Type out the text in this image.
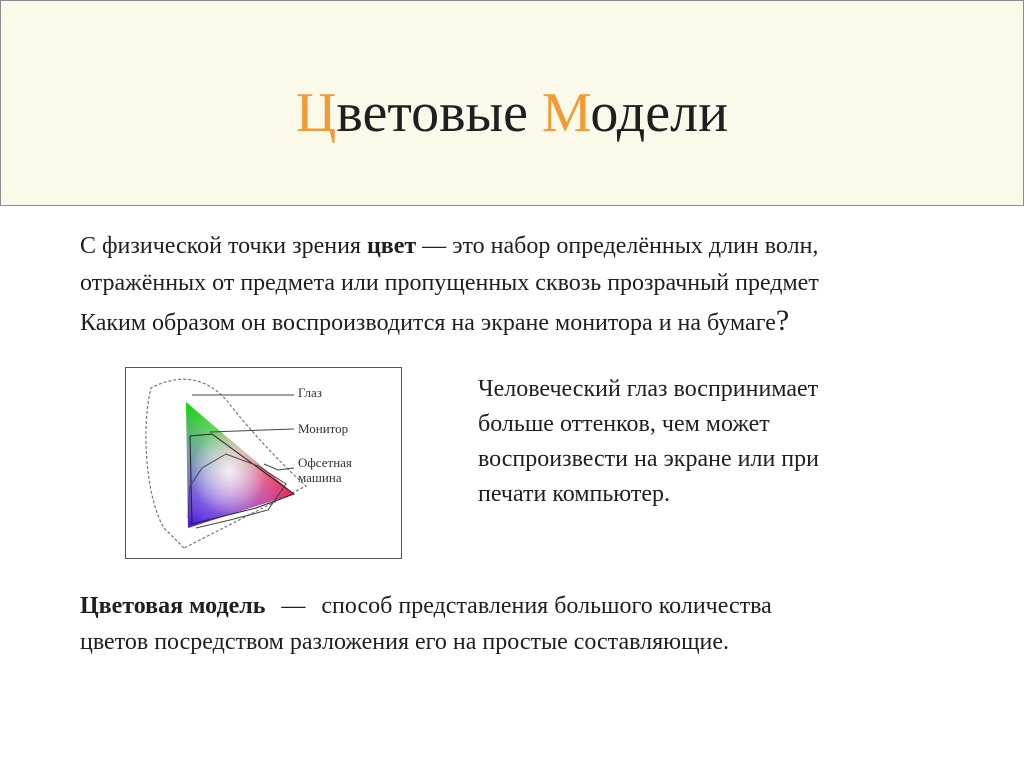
Цветовые Модели

С физической точки зрения цвет — это набор определённых длин волн,

отражённых от предмета или пропущенных сквозь прозрачный предмет

Каким образом он воспроизводится на экране монитора и на бумаге?

Глаз
Монитор
Офсетная
машина
Человеческий глаз воспринимает
больше оттенков, чем может
воспроизвести на экране или при
печати компьютер.
Цветовая модель — способ представления большого количества
цветов посредством разложения его на простые составляющие.
